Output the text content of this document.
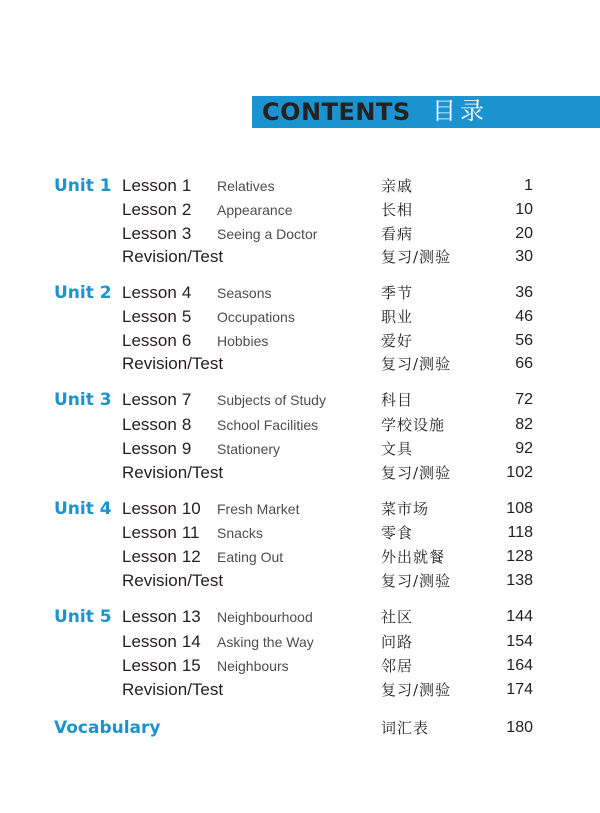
CONTENTS 目录
Unit 1 Lesson 1 Relatives	亲戚	1
Lesson 2 Appearance	长相	10
Lesson 3 Seeing a Doctor	看病	20
Revision/Test	复习/测验	30
Unit 2 Lesson 4 Seasons	季节	36
Lesson 5 Occupations	职业	46
Lesson 6 Hobbies	爱好	56
Revision/Test	复习/测验	66
Unit 3 Lesson 7 Subjects of Study	科目	72
Lesson 8 School Facilities	学校设施	82
Lesson 9 Stationery	文具	92
Revision/Test	复习/测验	102
Unit 4 Lesson 10 Fresh Market	菜市场	108
Lesson 11 Snacks	零食	118
Lesson 12 Eating Out	外出就餐	128
Revision/Test	复习/测验	138
Unit 5 Lesson 13 Neighbourhood	社区	144
Lesson 14 Asking the Way	问路	154
Lesson 15 Neighbours	邻居	164
Revision/Test	复习/测验	174
Vocabulary	词汇表	180
